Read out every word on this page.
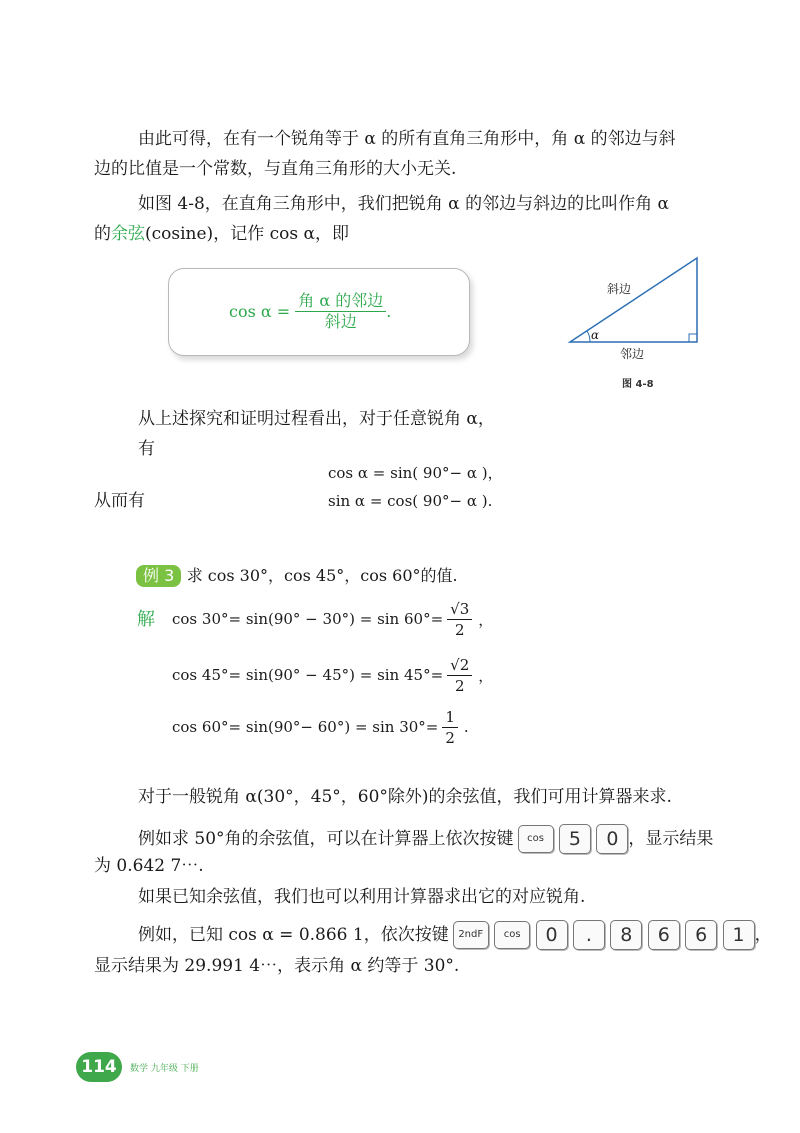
由此可得，在有一个锐角等于 α 的所有直角三角形中，角 α 的邻边与斜
边的比值是一个常数，与直角三角形的大小无关.
如图 4-8，在直角三角形中，我们把锐角 α 的邻边与斜边的比叫作角 α
的余弦(cosine)，记作 cos α，即
$\cos \alpha = \frac{\text{角 α 的邻边}}{\text{斜边}}$ .
斜边
α
邻边
图 4-8
从上述探究和证明过程看出，对于任意锐角 α，
有
cos α = sin( 90°− α )，
从而有	sin α = cos( 90°− α ).
例 3 求 cos 30°，cos 45°，cos 60°的值.
解 $\cos 30^\circ= \sin(90^\circ - 30^\circ) = \sin 60^\circ= \frac{√3}{2}$ ，
$\cos 45^\circ= \sin(90^\circ - 45^\circ) = \sin 45^\circ= \frac{√2}{2}$ ，
$\cos 60^\circ= \sin(90^\circ- 60^\circ) = \sin 30^\circ= \frac{1}{2}$ .
对于一般锐角 α(30°，45°，60°除外)的余弦值，我们可用计算器来求.
例如求 50°角的余弦值，可以在计算器上依次按键	cos 5 0 ，显示结果
为 0.642 7⋯.
如果已知余弦值，我们也可以利用计算器求出它的对应锐角.
例如，已知 cos α = 0.866 1，依次按键 2ndF cos 0 . 8 6 6 1 ，
显示结果为 29.991 4⋯，表示角 α 约等于 30°.
114	数学 九年级 下册
